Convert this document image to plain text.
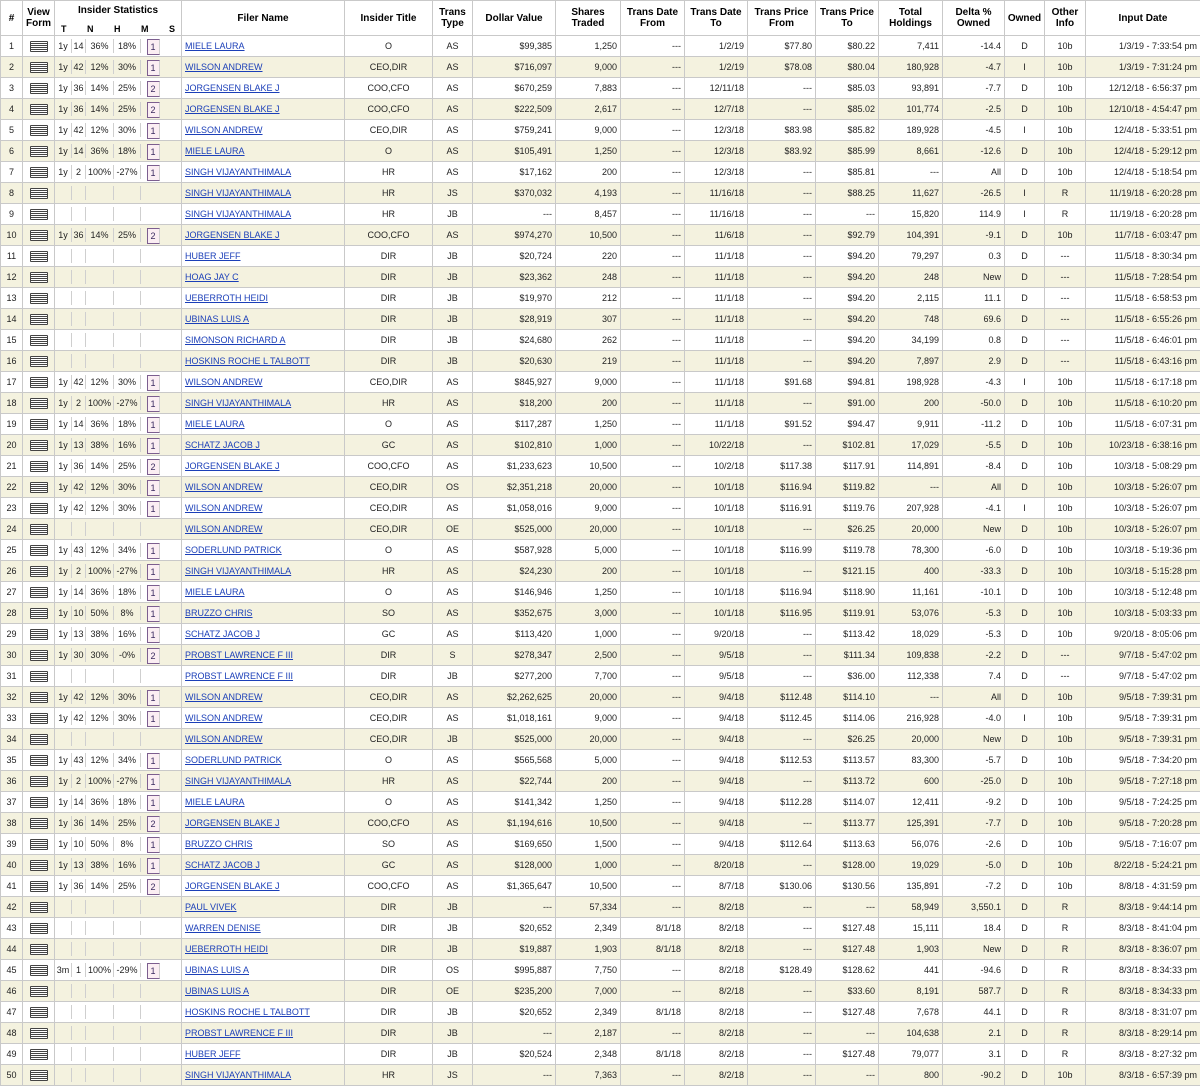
#	View Form	Insider Statistics	Filer Name	Insider Title	Trans Type	Dollar Value	Shares Traded	Trans Date From	Trans Date To	Trans Price From	Trans Price To	Total Holdings	Delta % Owned	Owned	Other Info	Input Date

		T N H M S														

1		1y 14 36% 18% 1	MIELE LAURA	O	AS	$99,385	1,250	---	1/2/19	$77.80	$80.22	7,411	-14.4	D	10b	1/3/19 - 7:33:54 pm
2		1y 42 12% 30% 1	WILSON ANDREW	CEO,DIR	AS	$716,097	9,000	---	1/2/19	$78.08	$80.04	180,928	-4.7	I	10b	1/3/19 - 7:31:24 pm
3		1y 36 14% 25% 2	JORGENSEN BLAKE J	COO,CFO	AS	$670,259	7,883	---	12/11/18	---	$85.03	93,891	-7.7	D	10b	12/12/18 - 6:56:37 pm
4		1y 36 14% 25% 2	JORGENSEN BLAKE J	COO,CFO	AS	$222,509	2,617	---	12/7/18	---	$85.02	101,774	-2.5	D	10b	12/10/18 - 4:54:47 pm
5		1y 42 12% 30% 1	WILSON ANDREW	CEO,DIR	AS	$759,241	9,000	---	12/3/18	$83.98	$85.82	189,928	-4.5	I	10b	12/4/18 - 5:33:51 pm
6		1y 14 36% 18% 1	MIELE LAURA	O	AS	$105,491	1,250	---	12/3/18	$83.92	$85.99	8,661	-12.6	D	10b	12/4/18 - 5:29:12 pm
7		1y 2 100% -27% 1	SINGH VIJAYANTHIMALA	HR	AS	$17,162	200	---	12/3/18	---	$85.81	---	All	D	10b	12/4/18 - 5:18:54 pm
8			SINGH VIJAYANTHIMALA	HR	JS	$370,032	4,193	---	11/16/18	---	$88.25	11,627	-26.5	I	R	11/19/18 - 6:20:28 pm
9			SINGH VIJAYANTHIMALA	HR	JB	---	8,457	---	11/16/18	---	---	15,820	114.9	I	R	11/19/18 - 6:20:28 pm
10		1y 36 14% 25% 2	JORGENSEN BLAKE J	COO,CFO	AS	$974,270	10,500	---	11/6/18	---	$92.79	104,391	-9.1	D	10b	11/7/18 - 6:03:47 pm
11			HUBER JEFF	DIR	JB	$20,724	220	---	11/1/18	---	$94.20	79,297	0.3	D	---	11/5/18 - 8:30:34 pm
12			HOAG JAY C	DIR	JB	$23,362	248	---	11/1/18	---	$94.20	248	New	D	---	11/5/18 - 7:28:54 pm
13			UEBERROTH HEIDI	DIR	JB	$19,970	212	---	11/1/18	---	$94.20	2,115	11.1	D	---	11/5/18 - 6:58:53 pm
14			UBINAS LUIS A	DIR	JB	$28,919	307	---	11/1/18	---	$94.20	748	69.6	D	---	11/5/18 - 6:55:26 pm
15			SIMONSON RICHARD A	DIR	JB	$24,680	262	---	11/1/18	---	$94.20	34,199	0.8	D	---	11/5/18 - 6:46:01 pm
16			HOSKINS ROCHE L TALBOTT	DIR	JB	$20,630	219	---	11/1/18	---	$94.20	7,897	2.9	D	---	11/5/18 - 6:43:16 pm
17		1y 42 12% 30% 1	WILSON ANDREW	CEO,DIR	AS	$845,927	9,000	---	11/1/18	$91.68	$94.81	198,928	-4.3	I	10b	11/5/18 - 6:17:18 pm
18		1y 2 100% -27% 1	SINGH VIJAYANTHIMALA	HR	AS	$18,200	200	---	11/1/18	---	$91.00	200	-50.0	D	10b	11/5/18 - 6:10:20 pm
19		1y 14 36% 18% 1	MIELE LAURA	O	AS	$117,287	1,250	---	11/1/18	$91.52	$94.47	9,911	-11.2	D	10b	11/5/18 - 6:07:31 pm
20		1y 13 38% 16% 1	SCHATZ JACOB J	GC	AS	$102,810	1,000	---	10/22/18	---	$102.81	17,029	-5.5	D	10b	10/23/18 - 6:38:16 pm
21		1y 36 14% 25% 2	JORGENSEN BLAKE J	COO,CFO	AS	$1,233,623	10,500	---	10/2/18	$117.38	$117.91	114,891	-8.4	D	10b	10/3/18 - 5:08:29 pm
22		1y 42 12% 30% 1	WILSON ANDREW	CEO,DIR	OS	$2,351,218	20,000	---	10/1/18	$116.94	$119.82	---	All	D	10b	10/3/18 - 5:26:07 pm
23		1y 42 12% 30% 1	WILSON ANDREW	CEO,DIR	AS	$1,058,016	9,000	---	10/1/18	$116.91	$119.76	207,928	-4.1	I	10b	10/3/18 - 5:26:07 pm
24			WILSON ANDREW	CEO,DIR	OE	$525,000	20,000	---	10/1/18	---	$26.25	20,000	New	D	10b	10/3/18 - 5:26:07 pm
25		1y 43 12% 34% 1	SODERLUND PATRICK	O	AS	$587,928	5,000	---	10/1/18	$116.99	$119.78	78,300	-6.0	D	10b	10/3/18 - 5:19:36 pm
26		1y 2 100% -27% 1	SINGH VIJAYANTHIMALA	HR	AS	$24,230	200	---	10/1/18	---	$121.15	400	-33.3	D	10b	10/3/18 - 5:15:28 pm
27		1y 14 36% 18% 1	MIELE LAURA	O	AS	$146,946	1,250	---	10/1/18	$116.94	$118.90	11,161	-10.1	D	10b	10/3/18 - 5:12:48 pm
28		1y 10 50% 8% 1	BRUZZO CHRIS	SO	AS	$352,675	3,000	---	10/1/18	$116.95	$119.91	53,076	-5.3	D	10b	10/3/18 - 5:03:33 pm
29		1y 13 38% 16% 1	SCHATZ JACOB J	GC	AS	$113,420	1,000	---	9/20/18	---	$113.42	18,029	-5.3	D	10b	9/20/18 - 8:05:06 pm
30		1y 30 30% -0% 2	PROBST LAWRENCE F III	DIR	S	$278,347	2,500	---	9/5/18	---	$111.34	109,838	-2.2	D	---	9/7/18 - 5:47:02 pm
31			PROBST LAWRENCE F III	DIR	JB	$277,200	7,700	---	9/5/18	---	$36.00	112,338	7.4	D	---	9/7/18 - 5:47:02 pm
32		1y 42 12% 30% 1	WILSON ANDREW	CEO,DIR	AS	$2,262,625	20,000	---	9/4/18	$112.48	$114.10	---	All	D	10b	9/5/18 - 7:39:31 pm
33		1y 42 12% 30% 1	WILSON ANDREW	CEO,DIR	AS	$1,018,161	9,000	---	9/4/18	$112.45	$114.06	216,928	-4.0	I	10b	9/5/18 - 7:39:31 pm
34			WILSON ANDREW	CEO,DIR	JB	$525,000	20,000	---	9/4/18	---	$26.25	20,000	New	D	10b	9/5/18 - 7:39:31 pm
35		1y 43 12% 34% 1	SODERLUND PATRICK	O	AS	$565,568	5,000	---	9/4/18	$112.53	$113.57	83,300	-5.7	D	10b	9/5/18 - 7:34:20 pm
36		1y 2 100% -27% 1	SINGH VIJAYANTHIMALA	HR	AS	$22,744	200	---	9/4/18	---	$113.72	600	-25.0	D	10b	9/5/18 - 7:27:18 pm
37		1y 14 36% 18% 1	MIELE LAURA	O	AS	$141,342	1,250	---	9/4/18	$112.28	$114.07	12,411	-9.2	D	10b	9/5/18 - 7:24:25 pm
38		1y 36 14% 25% 2	JORGENSEN BLAKE J	COO,CFO	AS	$1,194,616	10,500	---	9/4/18	---	$113.77	125,391	-7.7	D	10b	9/5/18 - 7:20:28 pm
39		1y 10 50% 8% 1	BRUZZO CHRIS	SO	AS	$169,650	1,500	---	9/4/18	$112.64	$113.63	56,076	-2.6	D	10b	9/5/18 - 7:16:07 pm
40		1y 13 38% 16% 1	SCHATZ JACOB J	GC	AS	$128,000	1,000	---	8/20/18	---	$128.00	19,029	-5.0	D	10b	8/22/18 - 5:24:21 pm
41		1y 36 14% 25% 2	JORGENSEN BLAKE J	COO,CFO	AS	$1,365,647	10,500	---	8/7/18	$130.06	$130.56	135,891	-7.2	D	10b	8/8/18 - 4:31:59 pm
42			PAUL VIVEK	DIR	JB	---	57,334	---	8/2/18	---	---	58,949	3,550.1	D	R	8/3/18 - 9:44:14 pm
43			WARREN DENISE	DIR	JB	$20,652	2,349	8/1/18	8/2/18	---	$127.48	15,111	18.4	D	R	8/3/18 - 8:41:04 pm
44			UEBERROTH HEIDI	DIR	JB	$19,887	1,903	8/1/18	8/2/18	---	$127.48	1,903	New	D	R	8/3/18 - 8:36:07 pm
45		3m 1 100% -29% 1	UBINAS LUIS A	DIR	OS	$995,887	7,750	---	8/2/18	$128.49	$128.62	441	-94.6	D	R	8/3/18 - 8:34:33 pm
46			UBINAS LUIS A	DIR	OE	$235,200	7,000	---	8/2/18	---	$33.60	8,191	587.7	D	R	8/3/18 - 8:34:33 pm
47			HOSKINS ROCHE L TALBOTT	DIR	JB	$20,652	2,349	8/1/18	8/2/18	---	$127.48	7,678	44.1	D	R	8/3/18 - 8:31:07 pm
48			PROBST LAWRENCE F III	DIR	JB	---	2,187	---	8/2/18	---	---	104,638	2.1	D	R	8/3/18 - 8:29:14 pm
49			HUBER JEFF	DIR	JB	$20,524	2,348	8/1/18	8/2/18	---	$127.48	79,077	3.1	D	R	8/3/18 - 8:27:32 pm
50			SINGH VIJAYANTHIMALA	HR	JS	---	7,363	---	8/2/18	---	---	800	-90.2	D	10b	8/3/18 - 6:57:39 pm
